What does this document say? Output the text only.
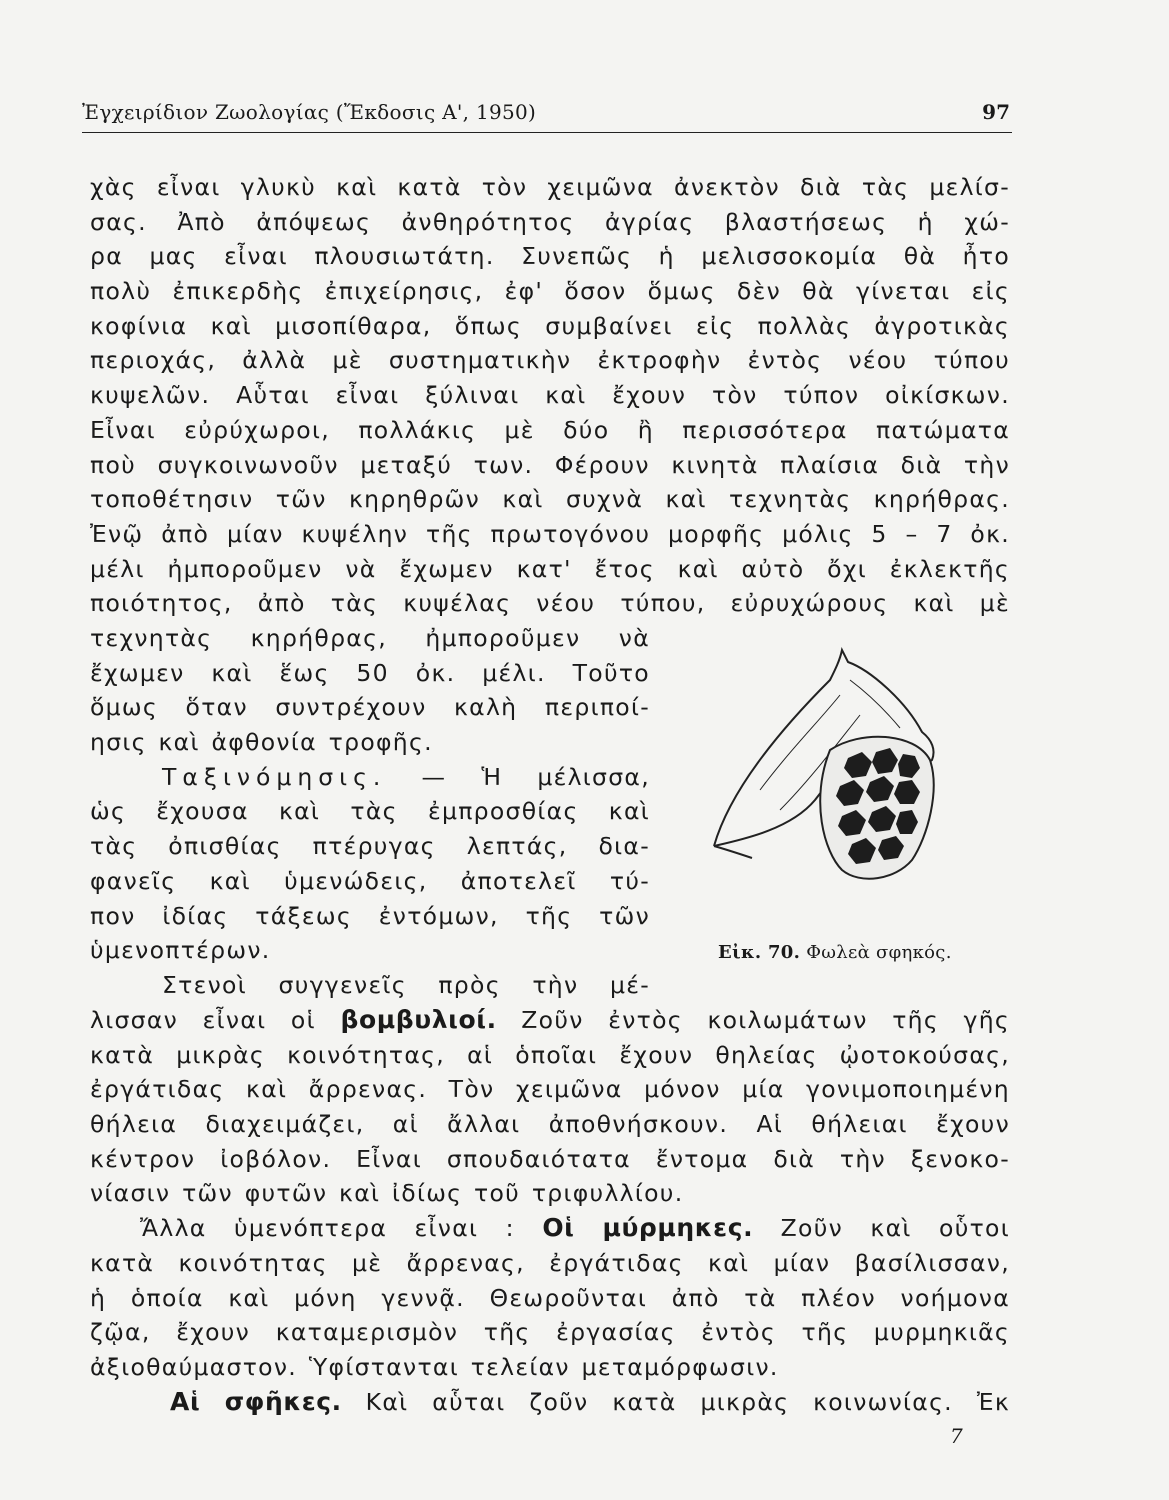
Ἐγχειρίδιον Ζωολογίας (Ἔκδοσις Α', 1950)	97
χὰς εἶναι γλυκὺ καὶ κατὰ τὸν χειμῶνα ἀνεκτὸν διὰ τὰς μελίσ-
σας. Ἀπὸ ἀπόψεως ἀνθηρότητος ἀγρίας βλαστήσεως ἡ χώ-
ρα μας εἶναι πλουσιωτάτη. Συνεπῶς ἡ μελισσοκομία θὰ ἦτο
πολὺ ἐπικερδὴς ἐπιχείρησις, ἐφ' ὅσον ὅμως δὲν θὰ γίνεται εἰς
κοφίνια καὶ μισοπίθαρα, ὅπως συμβαίνει εἰς πολλὰς ἀγροτικὰς
περιοχάς, ἀλλὰ μὲ συστηματικὴν ἐκτροφὴν ἐντὸς νέου τύπου
κυψελῶν. Αὗται εἶναι ξύλιναι καὶ ἔχουν τὸν τύπον οἰκίσκων.
Εἶναι εὐρύχωροι, πολλάκις μὲ δύο ἢ περισσότερα πατώματα
ποὺ συγκοινωνοῦν μεταξύ των. Φέρουν κινητὰ πλαίσια διὰ τὴν
τοποθέτησιν τῶν κηρηθρῶν καὶ συχνὰ καὶ τεχνητὰς κηρήθρας.
Ἐνῷ ἀπὸ μίαν κυψέλην τῆς πρωτογόνου μορφῆς μόλις 5 – 7 ὀκ.
μέλι ἠμποροῦμεν νὰ ἔχωμεν κατ' ἔτος καὶ αὐτὸ ὄχι ἐκλεκτῆς
ποιότητος, ἀπὸ τὰς κυψέλας νέου τύπου, εὐρυχώρους καὶ μὲ
τεχνητὰς κηρήθρας, ἠμποροῦμεν νὰ
ἔχωμεν καὶ ἕως 50 ὀκ. μέλι. Τοῦτο
ὅμως ὅταν συντρέχουν καλὴ περιποί-
ησις καὶ ἀφθονία τροφῆς.
Ταξινόμησις. — Ἡ μέλισσα,
ὡς ἔχουσα καὶ τὰς ἐμπροσθίας καὶ
τὰς ὀπισθίας πτέρυγας λεπτάς, δια-
φανεῖς καὶ ὑμενώδεις, ἀποτελεῖ τύ-
πον ἰδίας τάξεως ἐντόμων, τῆς τῶν
ὑμενοπτέρων.
Στενοὶ συγγενεῖς πρὸς τὴν μέ-
Εἰκ. 70. Φωλεὰ σφηκός.
λισσαν εἶναι οἱ βομβυλιοί. Ζοῦν ἐντὸς κοιλωμάτων τῆς γῆς
κατὰ μικρὰς κοινότητας, αἱ ὁποῖαι ἔχουν θηλείας ᾠοτοκούσας,
ἐργάτιδας καὶ ἄρρενας. Τὸν χειμῶνα μόνον μία γονιμοποιημένη
θήλεια διαχειμάζει, αἱ ἄλλαι ἀποθνήσκουν. Αἱ θήλειαι ἔχουν
κέντρον ἰοβόλον. Εἶναι σπουδαιότατα ἔντομα διὰ τὴν ξενοκο-
νίασιν τῶν φυτῶν καὶ ἰδίως τοῦ τριφυλλίου.
Ἄλλα ὑμενόπτερα εἶναι : Οἱ μύρμηκες. Ζοῦν καὶ οὗτοι
κατὰ κοινότητας μὲ ἄρρενας, ἐργάτιδας καὶ μίαν βασίλισσαν,
ἡ ὁποία καὶ μόνη γεννᾷ. Θεωροῦνται ἀπὸ τὰ πλέον νοήμονα
ζῷα, ἔχουν καταμερισμὸν τῆς ἐργασίας ἐντὸς τῆς μυρμηκιᾶς
ἀξιοθαύμαστον. Ὑφίστανται τελείαν μεταμόρφωσιν.
Αἱ σφῆκες. Καὶ αὗται ζοῦν κατὰ μικρὰς κοινωνίας. Ἐκ
7
